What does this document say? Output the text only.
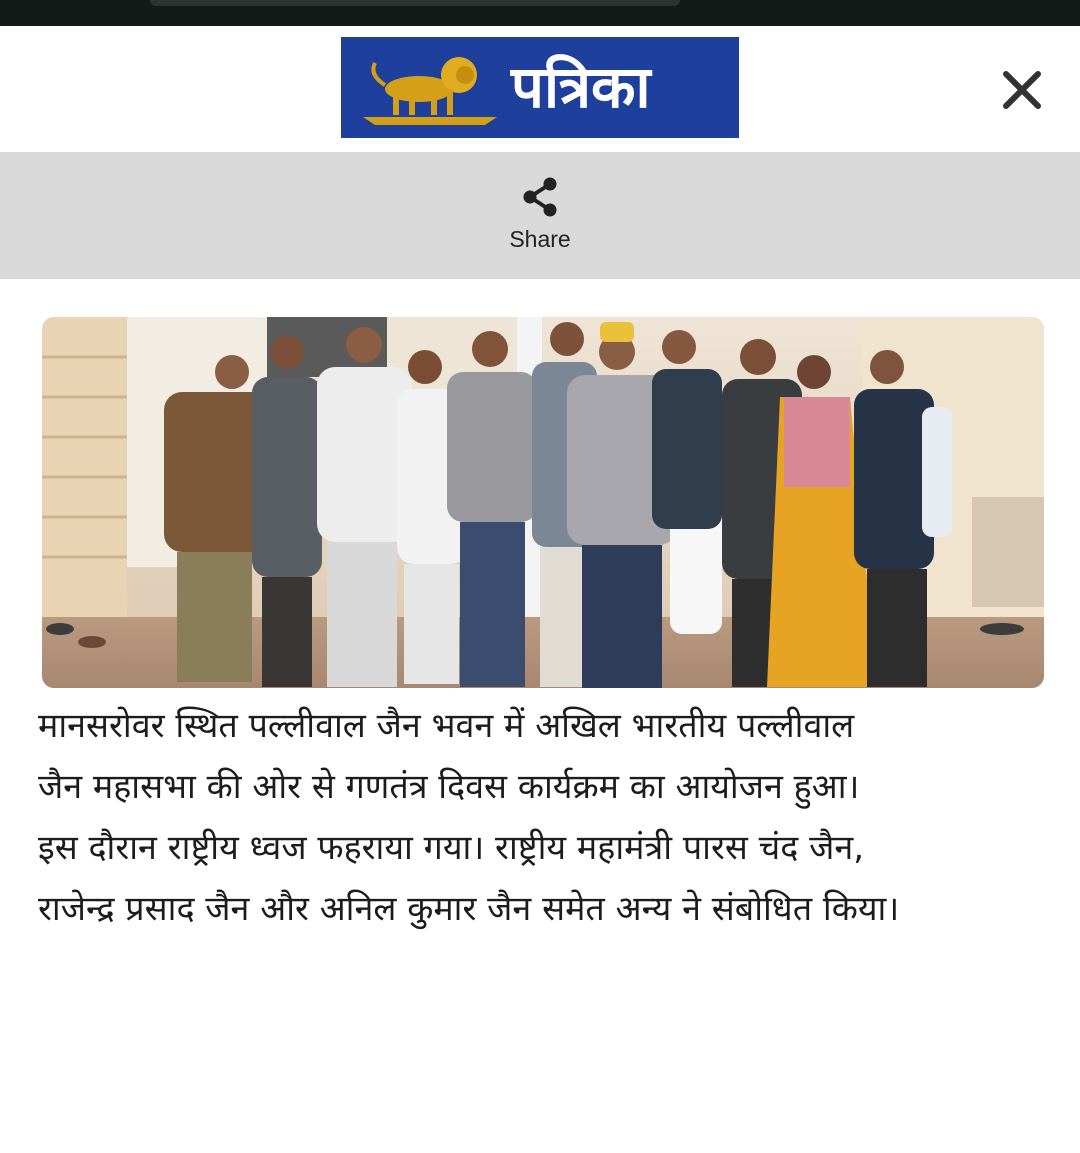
पत्रिका
Share
मानसरोवर स्थित पल्लीवाल जैन भवन में अखिल भारतीय पल्लीवाल
जैन महासभा की ओर से गणतंत्र दिवस कार्यक्रम का आयोजन हुआ।
इस दौरान राष्ट्रीय ध्वज फहराया गया। राष्ट्रीय महामंत्री पारस चंद जैन,
राजेन्द्र प्रसाद जैन और अनिल कुमार जैन समेत अन्य ने संबोधित किया।
